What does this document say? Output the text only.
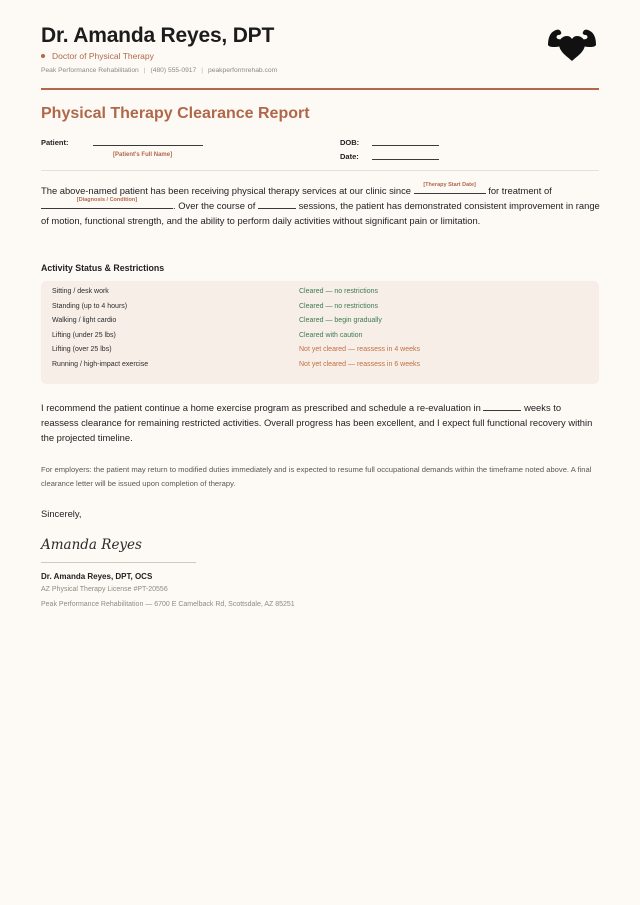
Dr. Amanda Reyes, DPT
Doctor of Physical Therapy
Peak Performance Rehabilitation | (480) 555-0917 | peakperformrehab.com
Physical Therapy Clearance Report
Patient:
[Patient's Full Name]
DOB:
Date:
The above-named patient has been receiving physical therapy services at our clinic since
[Therapy Start Date]
for treatment of

[Diagnosis / Condition]
. Over the course of	sessions, the patient has demonstrated consistent improvement in range of motion, functional strength, and the ability to perform daily activities without significant pain or limitation.
Activity Status & Restrictions
Sitting / desk work	Cleared — no restrictions
Standing (up to 4 hours)	Cleared — no restrictions
Walking / light cardio	Cleared — begin gradually
Lifting (under 25 lbs)	Cleared with caution
Lifting (over 25 lbs)	Not yet cleared — reassess in 4 weeks
Running / high-impact exercise	Not yet cleared — reassess in 6 weeks
I recommend the patient continue a home exercise program as prescribed and schedule a re-evaluation in	weeks to reassess clearance for remaining restricted activities. Overall progress has been excellent, and I expect full functional recovery within the projected timeline.
For employers: the patient may return to modified duties immediately and is expected to resume full occupational demands within the timeframe noted above. A final clearance letter will be issued upon completion of therapy.
Sincerely,
Amanda Reyes
Dr. Amanda Reyes, DPT, OCS
AZ Physical Therapy License #PT-20556
Peak Performance Rehabilitation — 6700 E Camelback Rd, Scottsdale, AZ 85251
